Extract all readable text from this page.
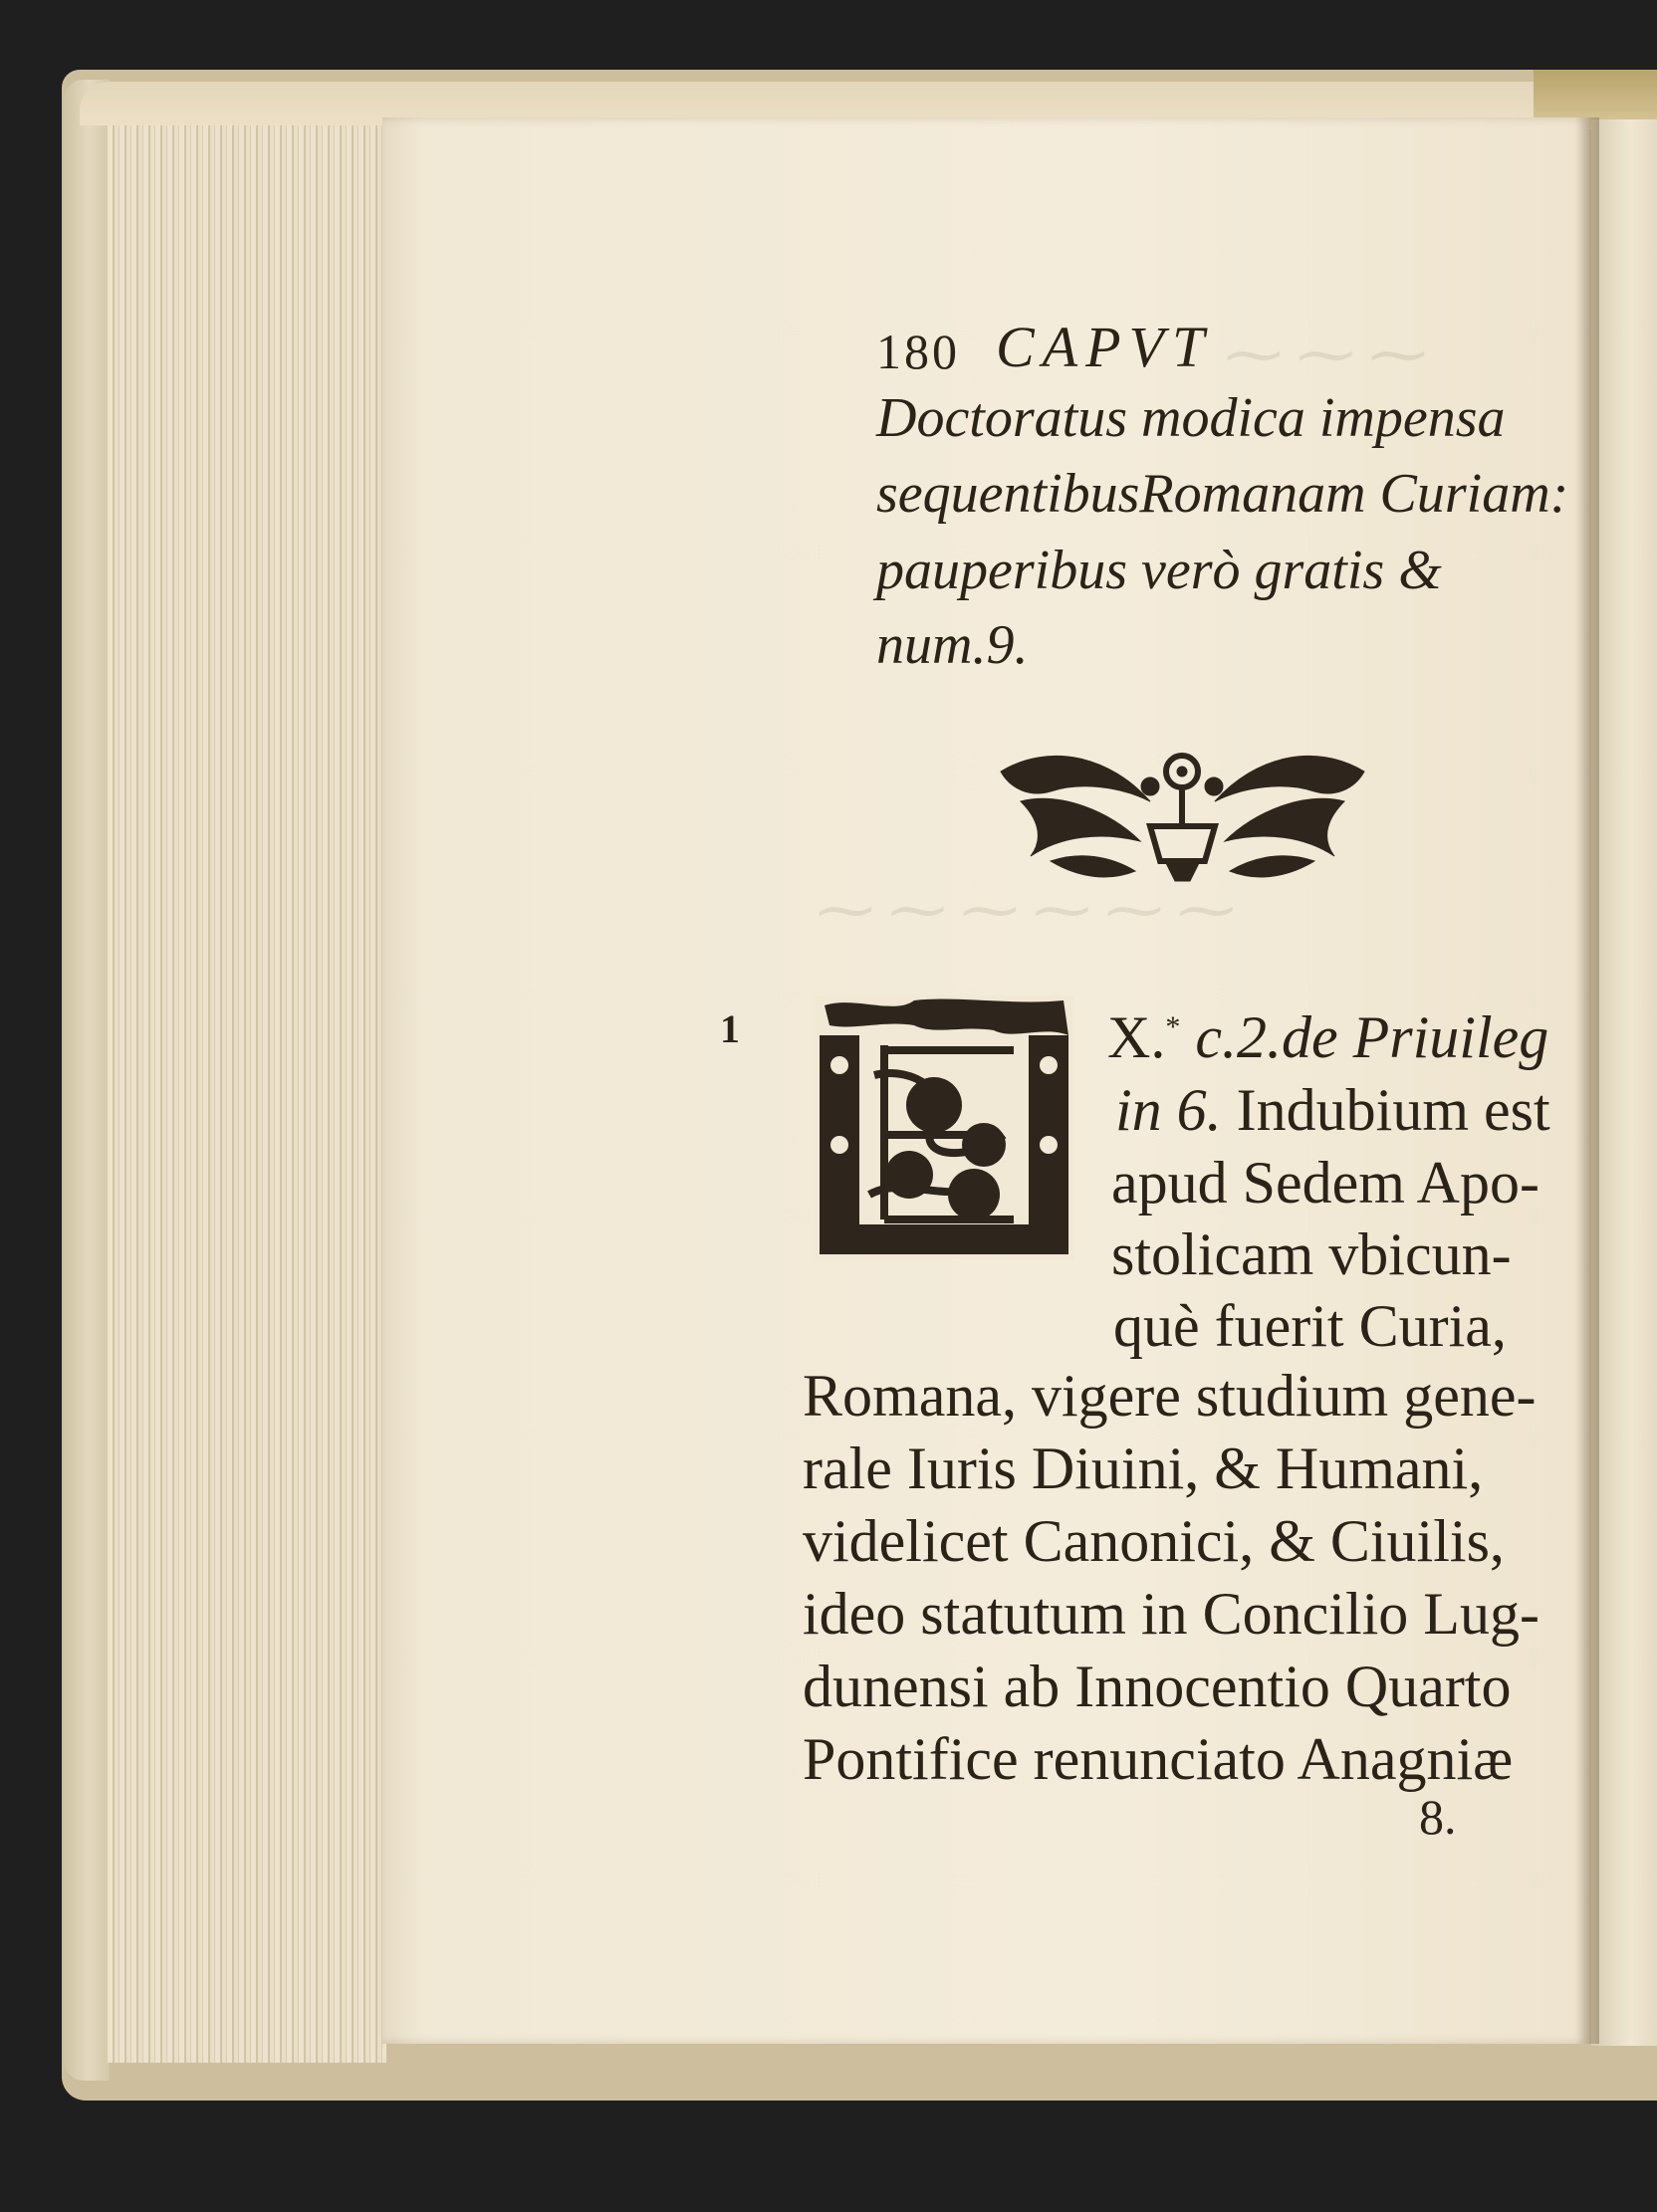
180 CAPVT
Doctoratus modica impensa
sequentibusRomanam Curiam:
pauperibus verò gratis &
num.9.
1	X.* c.2.de Priuileg
in 6. Indubium est
apud Sedem Apo-
stolicam vbicun-
què fuerit Curia,
Romana, vigere studium gene-
rale Iuris Diuini, & Humani,
videlicet Canonici, & Ciuilis,
ideo statutum in Concilio Lug-
dunensi ab Innocentio Quarto
Pontifice renunciato Anagniæ
8.
